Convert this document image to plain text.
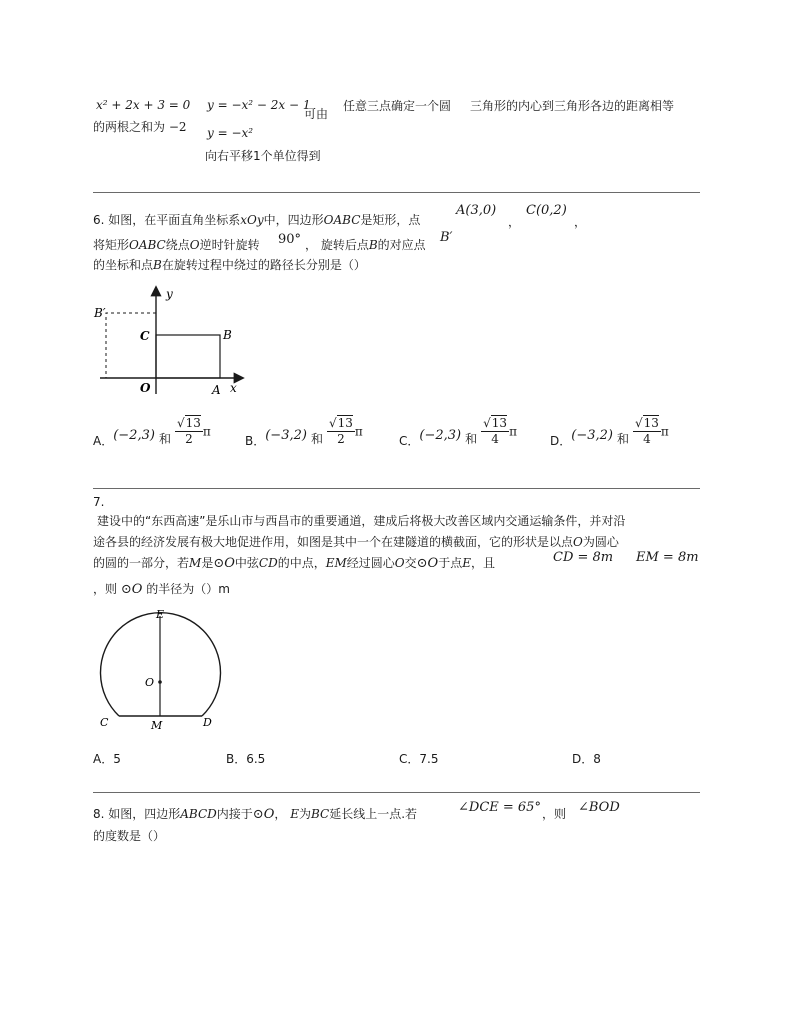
x² + 2x + 3 = 0
的两根之和为 −2
y = −x² − 2x − 1
可由
y = −x²
向右平移1个单位得到
任意三点确定一个圆 三角形的内心到三角形各边的距离相等
6. 如图，在平面直角坐标系xOy中，四边形OABC是矩形，点
A(3,0)
，
C(0,2)
，
将矩形OABC绕点O逆时针旋转 90° ， 旋转后点B的对应点 B′
的坐标和点B在旋转过程中绕过的路径长分别是（）
y
x
O	A
B
C
B′
A．(−2,3) 和 $\frac{√13}{2}$ π
B．(−3,2) 和 $\frac{√13}{2}$ π
C．(−2,3) 和 $\frac{√13}{4}$ π
D．(−3,2) 和 $\frac{√13}{4}$ π
7.
建设中的“东西高速”是乐山市与西昌市的重要通道，建成后将极大改善区域内交通运输条件，并对沿
途各县的经济发展有极大地促进作用，如图是其中一个在建隧道的横截面，它的形状是以点O为圆心
的圆的一部分，若M是⊙O中弦CD的中点，EM经过圆心O交⊙O于点E，且	CD = 8m EM = 8m
，则 ⊙O 的半径为（）m
E
O
C	M	D
A．5	B．6.5	C．7.5	D．8
8. 如图，四边形ABCD内接于⊙O， E为BC延长线上一点.若	∠DCE = 65° ，则 ∠BOD
的度数是（）
